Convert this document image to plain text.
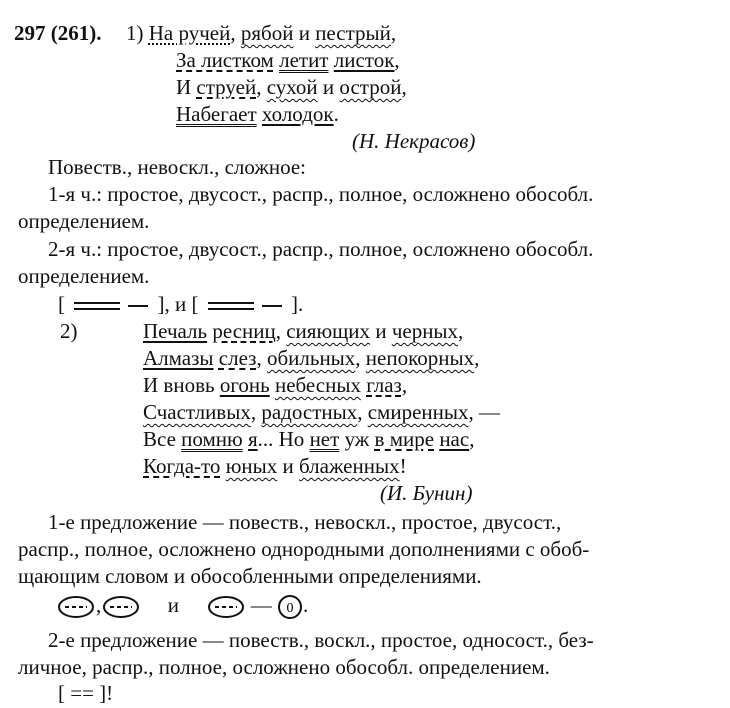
297 (261). 1) На ручей, рябой и пестрый,
За листком летит листок,
И струей, сухой и острой,
Набегает холодок.
(Н. Некрасов)
Повеств., невоскл., сложное:
1-я ч.: простое, двусост., распр., полное, осложнено обособл.
определением.
2-я ч.: простое, двусост., распр., полное, осложнено обособл.
определением.
[	], и [	].
2)	Печаль ресниц, сияющих и черных,
Алмазы слез, обильных, непокорных,
И вновь огонь небесных глаз,
Счастливых, радостных, смиренных, —
Все помню я... Но нет уж в мире нас,
Когда-то юных и блаженных!
(И. Бунин)
1-е предложение — повеств., невоскл., простое, двусост.,
распр., полное, осложнено однородными дополнениями с обоб-
щающим словом и обособленными определениями.
,	и	— 0 .
2-е предложение — повеств., воскл., простое, односост., без-
личное, распр., полное, осложнено обособл. определением.
[ == ]!
